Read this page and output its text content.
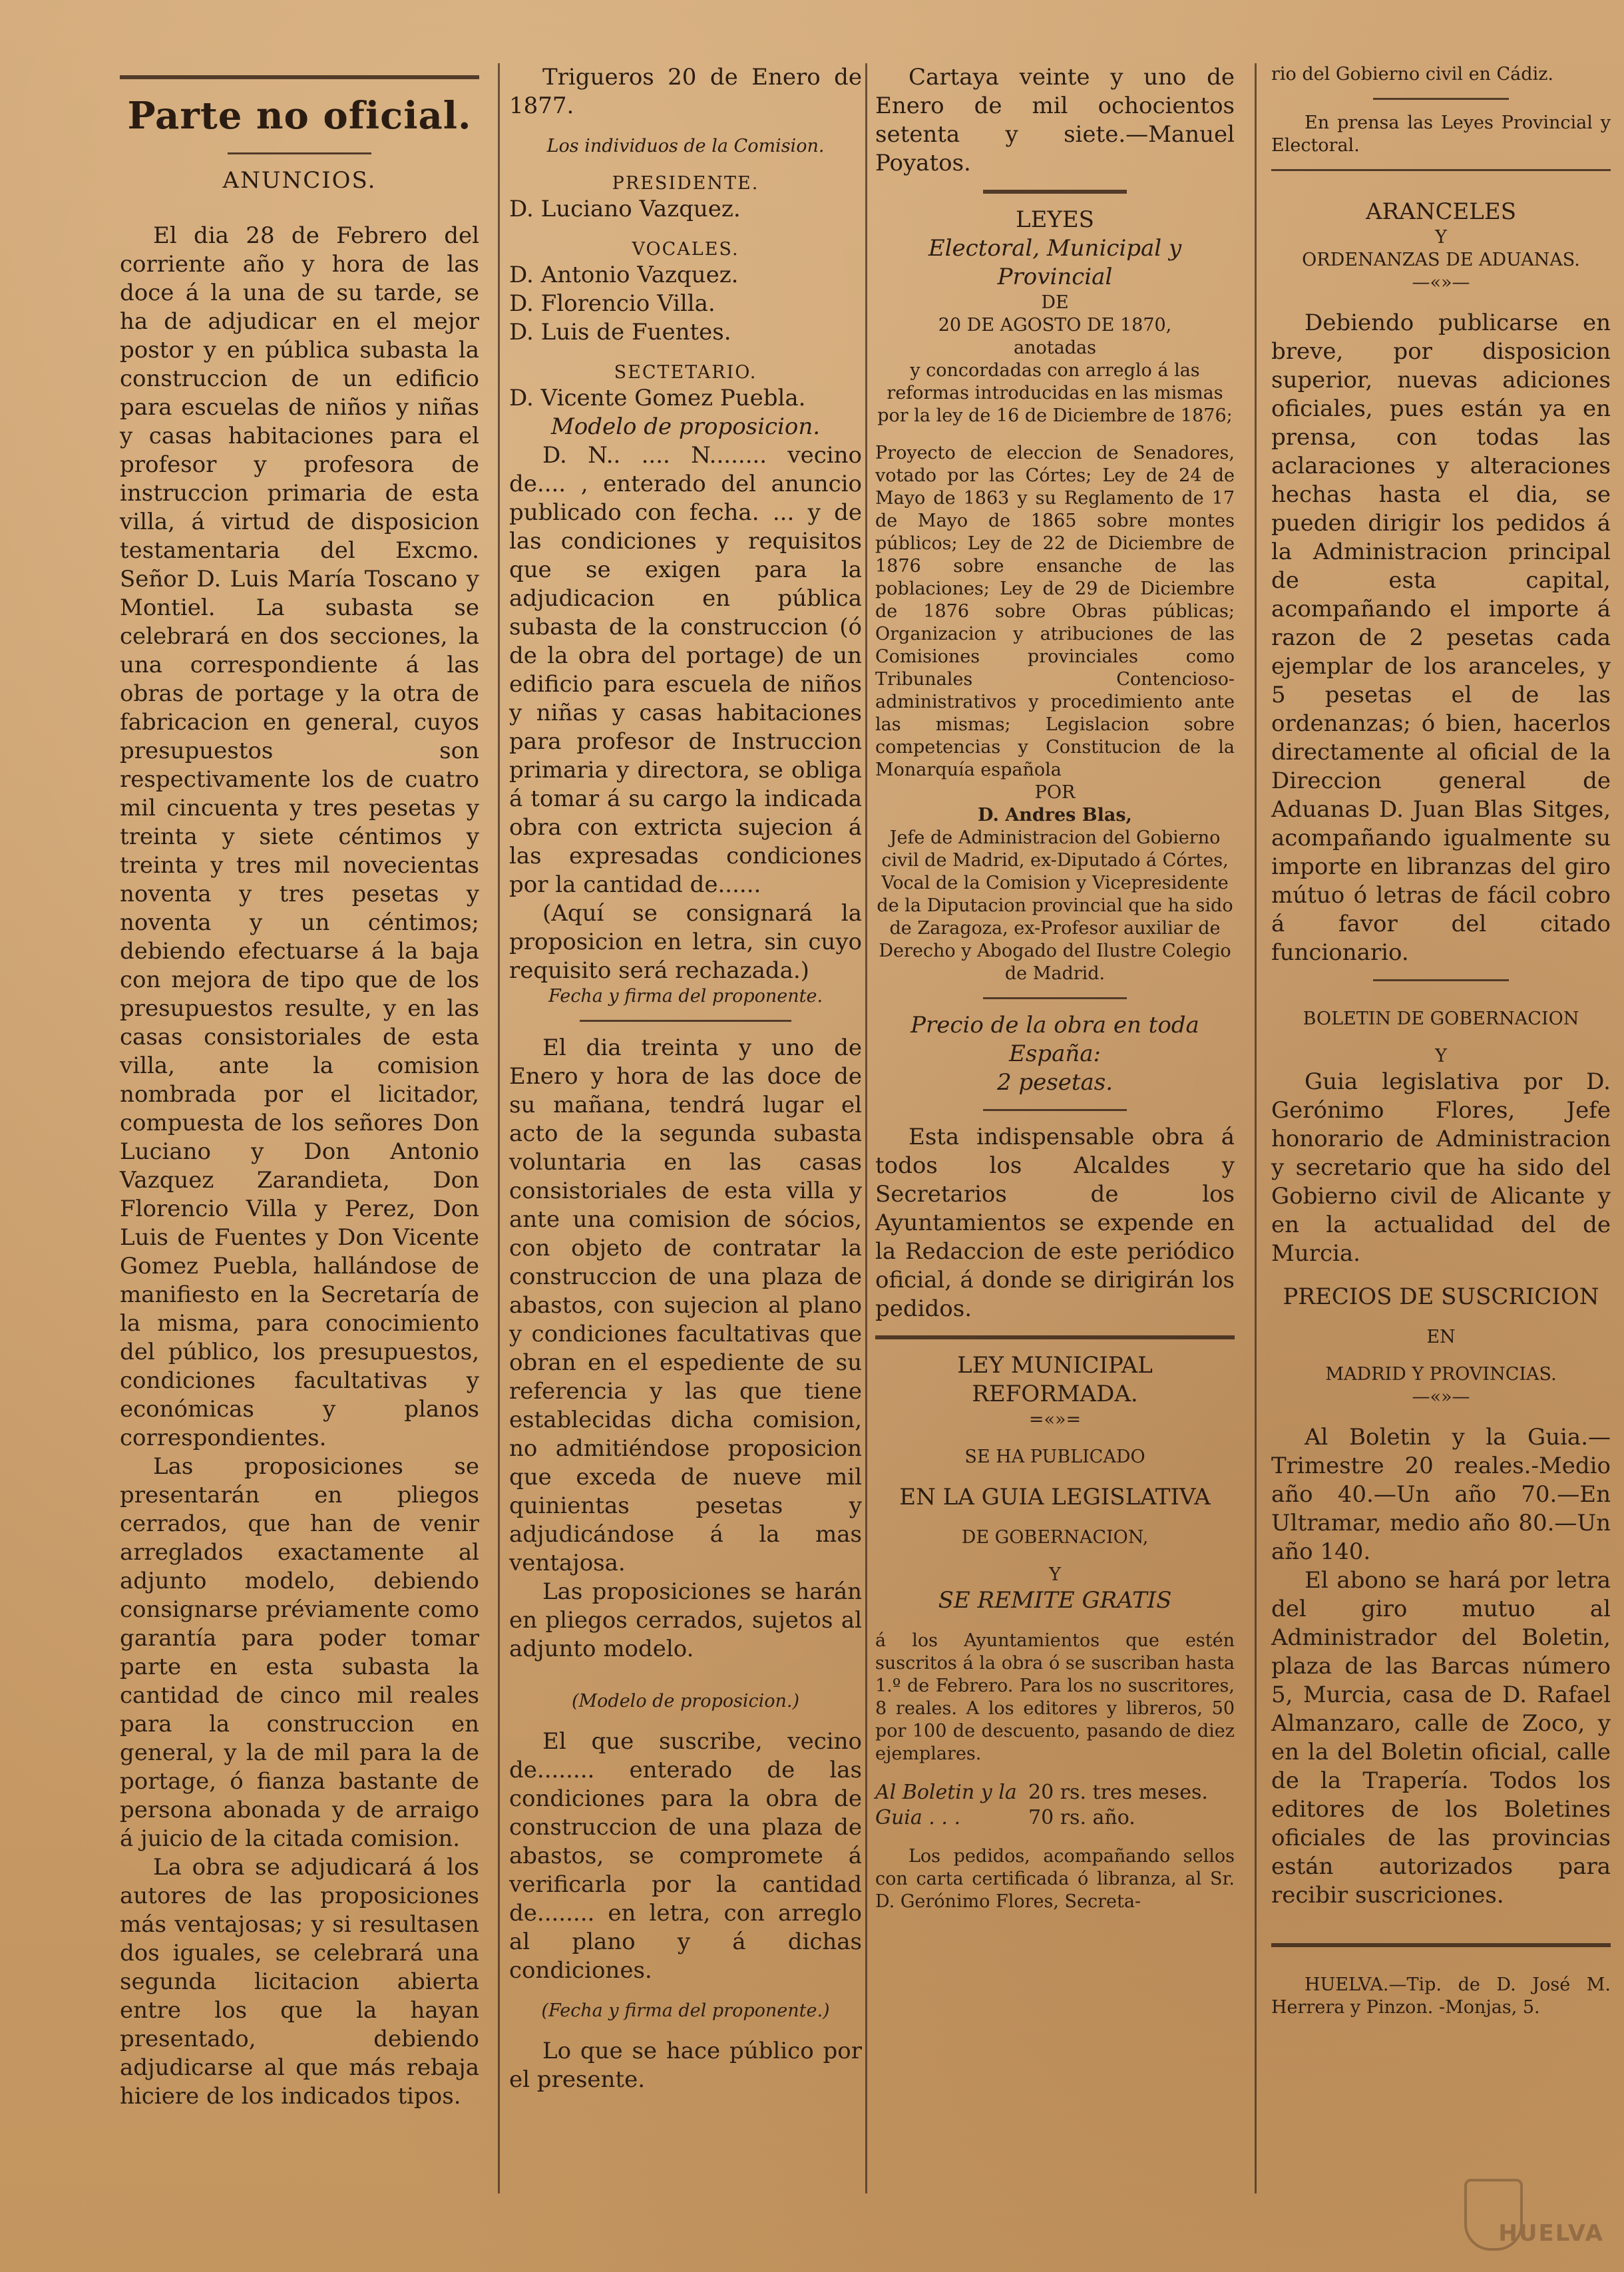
Parte no oficial.

ANUNCIOS.

El dia 28 de Febrero del corriente año y hora de las doce á la una de su tarde, se ha de adjudicar en el mejor postor y en pública subasta la construccion de un edificio para escuelas de niños y niñas y casas habitaciones para el profesor y profesora de instruccion primaria de esta villa, á virtud de disposicion testamentaria del Excmo. Señor D. Luis María Toscano y Montiel. La subasta se celebrará en dos secciones, la una correspondiente á las obras de portage y la otra de fabricacion en general, cuyos presupuestos son respectivamente los de cuatro mil cincuenta y tres pesetas y treinta y siete céntimos y treinta y tres mil novecientas noventa y tres pesetas y noventa y un céntimos; debiendo efectuarse á la baja con mejora de tipo que de los presupuestos resulte, y en las casas consistoriales de esta villa, ante la comision nombrada por el licitador, compuesta de los señores Don Luciano y Don Antonio Vazquez Zarandieta, Don Florencio Villa y Perez, Don Luis de Fuentes y Don Vicente Gomez Puebla, hallándose de manifiesto en la Secretaría de la misma, para conocimiento del público, los presupuestos, condiciones facultativas y económicas y planos correspondientes.

Las proposiciones se presentarán en pliegos cerrados, que han de venir arreglados exactamente al adjunto modelo, debiendo consignarse préviamente como garantía para poder tomar parte en esta subasta la cantidad de cinco mil reales para la construccion en general, y la de mil para la de portage, ó fianza bastante de persona abonada y de arraigo á juicio de la citada comision.

La obra se adjudicará á los autores de las proposiciones más ventajosas; y si resultasen dos iguales, se celebrará una segunda licitacion abierta entre los que la hayan presentado, debiendo adjudicarse al que más rebaja hiciere de los indicados tipos.

Trigueros 20 de Enero de 1877.

Los individuos de la Comision.

PRESIDENTE.

D. Luciano Vazquez.

VOCALES.

D. Antonio Vazquez.

D. Florencio Villa.

D. Luis de Fuentes.

SECTETARIO.

D. Vicente Gomez Puebla.

Modelo de proposicion.

D. N.. .... N........ vecino de.... , enterado del anuncio publicado con fecha. ... y de las condiciones y requisitos que se exigen para la adjudicacion en pública subasta de la construccion (ó de la obra del portage) de un edificio para escuela de niños y niñas y casas habitaciones para profesor de Instruccion primaria y directora, se obliga á tomar á su cargo la indicada obra con extricta sujecion á las expresadas condiciones por la cantidad de......

(Aquí se consignará la proposicion en letra, sin cuyo requisito será rechazada.)

Fecha y firma del proponente.

El dia treinta y uno de Enero y hora de las doce de su mañana, tendrá lugar el acto de la segunda subasta voluntaria en las casas consistoriales de esta villa y ante una comision de sócios, con objeto de contratar la construccion de una plaza de abastos, con sujecion al plano y condiciones facultativas que obran en el espediente de su referencia y las que tiene establecidas dicha comision, no admitiéndose proposicion que exceda de nueve mil quinientas pesetas y adjudicándose á la mas ventajosa.

Las proposiciones se harán en pliegos cerrados, sujetos al adjunto modelo.

(Modelo de proposicion.)

El que suscribe, vecino de........ enterado de las condiciones para la obra de construccion de una plaza de abastos, se compromete á verificarla por la cantidad de........ en letra, con arreglo al plano y á dichas condiciones.

(Fecha y firma del proponente.)

Lo que se hace público por el presente.

Cartaya veinte y uno de Enero de mil ochocientos setenta y siete.—Manuel Poyatos.

LEYES

Electoral, Municipal y Provincial

DE

20 DE AGOSTO DE 1870,

anotadas

y concordadas con arreglo á las reformas introducidas en las mismas por la ley de 16 de Diciembre de 1876;

Proyecto de eleccion de Senadores, votado por las Córtes; Ley de 24 de Mayo de 1863 y su Reglamento de 17 de Mayo de 1865 sobre montes públicos; Ley de 22 de Diciembre de 1876 sobre ensanche de las poblaciones; Ley de 29 de Diciembre de 1876 sobre Obras públicas; Organizacion y atribuciones de las Comisiones provinciales como Tribunales Contencioso-administrativos y procedimiento ante las mismas; Legislacion sobre competencias y Constitucion de la Monarquía española

POR

D. Andres Blas,

Jefe de Administracion del Gobierno civil de Madrid, ex-Diputado á Córtes, Vocal de la Comision y Vicepresidente de la Diputacion provincial que ha sido de Zaragoza, ex-Profesor auxiliar de Derecho y Abogado del Ilustre Colegio de Madrid.

Precio de la obra en toda España:

2 pesetas.

Esta indispensable obra á todos los Alcaldes y Secretarios de los Ayuntamientos se expende en la Redaccion de este periódico oficial, á donde se dirigirán los pedidos.

LEY MUNICIPAL REFORMADA.

=«»=

SE HA PUBLICADO

EN LA GUIA LEGISLATIVA

DE GOBERNACION,

Y

SE REMITE GRATIS

á los Ayuntamientos que estén suscritos á la obra ó se suscriban hasta 1.º de Febrero. Para los no suscritores, 8 reales. A los editores y libreros, 50 por 100 de descuento, pasando de diez ejemplares.

Al Boletin y la Guia . . .
20 rs. tres meses.
70 rs. año.

Los pedidos, acompañando sellos con carta certificada ó libranza, al Sr. D. Gerónimo Flores, Secreta-

rio del Gobierno civil en Cádiz.

En prensa las Leyes Provincial y Electoral.

ARANCELES

Y

ORDENANZAS DE ADUANAS.

—«»—

Debiendo publicarse en breve, por disposicion superior, nuevas adiciones oficiales, pues están ya en prensa, con todas las aclaraciones y alteraciones hechas hasta el dia, se pueden dirigir los pedidos á la Administracion principal de esta capital, acompañando el importe á razon de 2 pesetas cada ejemplar de los aranceles, y 5 pesetas el de las ordenanzas; ó bien, hacerlos directamente al oficial de la Direccion general de Aduanas D. Juan Blas Sitges, acompañando igualmente su importe en libranzas del giro mútuo ó letras de fácil cobro á favor del citado funcionario.

BOLETIN DE GOBERNACION

Y

Guia legislativa por D. Gerónimo Flores, Jefe honorario de Administracion y secretario que ha sido del Gobierno civil de Alicante y en la actualidad del de Murcia.

PRECIOS DE SUSCRICION

EN

MADRID Y PROVINCIAS.

—«»—

Al Boletin y la Guia.—Trimestre 20 reales.-Medio año 40.—Un año 70.—En Ultramar, medio año 80.—Un año 140.

El abono se hará por letra del giro mutuo al Administrador del Boletin, plaza de las Barcas número 5, Murcia, casa de D. Rafael Almanzaro, calle de Zoco, y en la del Boletin oficial, calle de la Trapería. Todos los editores de los Boletines oficiales de las provincias están autorizados para recibir suscriciones.

HUELVA.—Tip. de D. José M. Herrera y Pinzon. -Monjas, 5.

HUELVA
